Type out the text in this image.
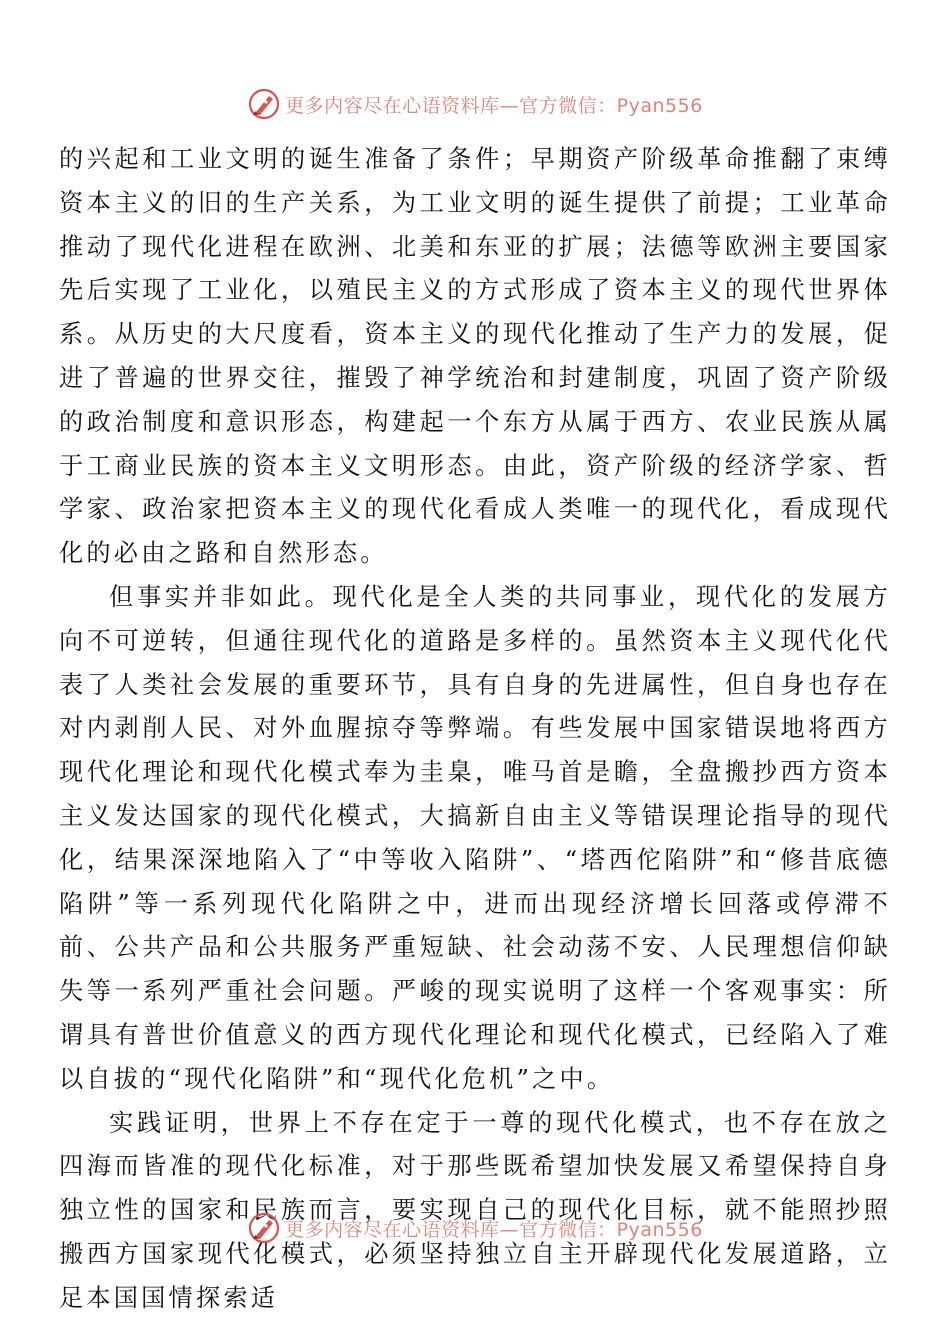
更多内容尽在心语资料库—官方微信：Pyan556

的兴起和工业文明的诞生准备了条件；早期资产阶级革命推翻了束缚资本主义的旧的生产关系，为工业文明的诞生提供了前提；工业革命推动了现代化进程在欧洲、北美和东亚的扩展；法德等欧洲主要国家先后实现了工业化，以殖民主义的方式形成了资本主义的现代世界体系。从历史的大尺度看，资本主义的现代化推动了生产力的发展，促进了普遍的世界交往，摧毁了神学统治和封建制度，巩固了资产阶级的政治制度和意识形态，构建起一个东方从属于西方、农业民族从属于工商业民族的资本主义文明形态。由此，资产阶级的经济学家、哲学家、政治家把资本主义的现代化看成人类唯一的现代化，看成现代化的必由之路和自然形态。

但事实并非如此。现代化是全人类的共同事业，现代化的发展方向不可逆转，但通往现代化的道路是多样的。虽然资本主义现代化代表了人类社会发展的重要环节，具有自身的先进属性，但自身也存在对内剥削人民、对外血腥掠夺等弊端。有些发展中国家错误地将西方现代化理论和现代化模式奉为圭臬，唯马首是瞻，全盘搬抄西方资本主义发达国家的现代化模式，大搞新自由主义等错误理论指导的现代化，结果深深地陷入了“中等收入陷阱”、“塔西佗陷阱”和“修昔底德陷阱”等一系列现代化陷阱之中，进而出现经济增长回落或停滞不前、公共产品和公共服务严重短缺、社会动荡不安、人民理想信仰缺失等一系列严重社会问题。严峻的现实说明了这样一个客观事实：所谓具有普世价值意义的西方现代化理论和现代化模式，已经陷入了难以自拔的“现代化陷阱”和“现代化危机”之中。

实践证明，世界上不存在定于一尊的现代化模式，也不存在放之四海而皆准的现代化标准，对于那些既希望加快发展又希望保持自身独立性的国家和民族而言，要实现自己的现代化目标，就不能照抄照搬西方国家现代化模式，必须坚持独立自主开辟现代化发展道路，立足本国国情探索适

更多内容尽在心语资料库—官方微信：Pyan556
